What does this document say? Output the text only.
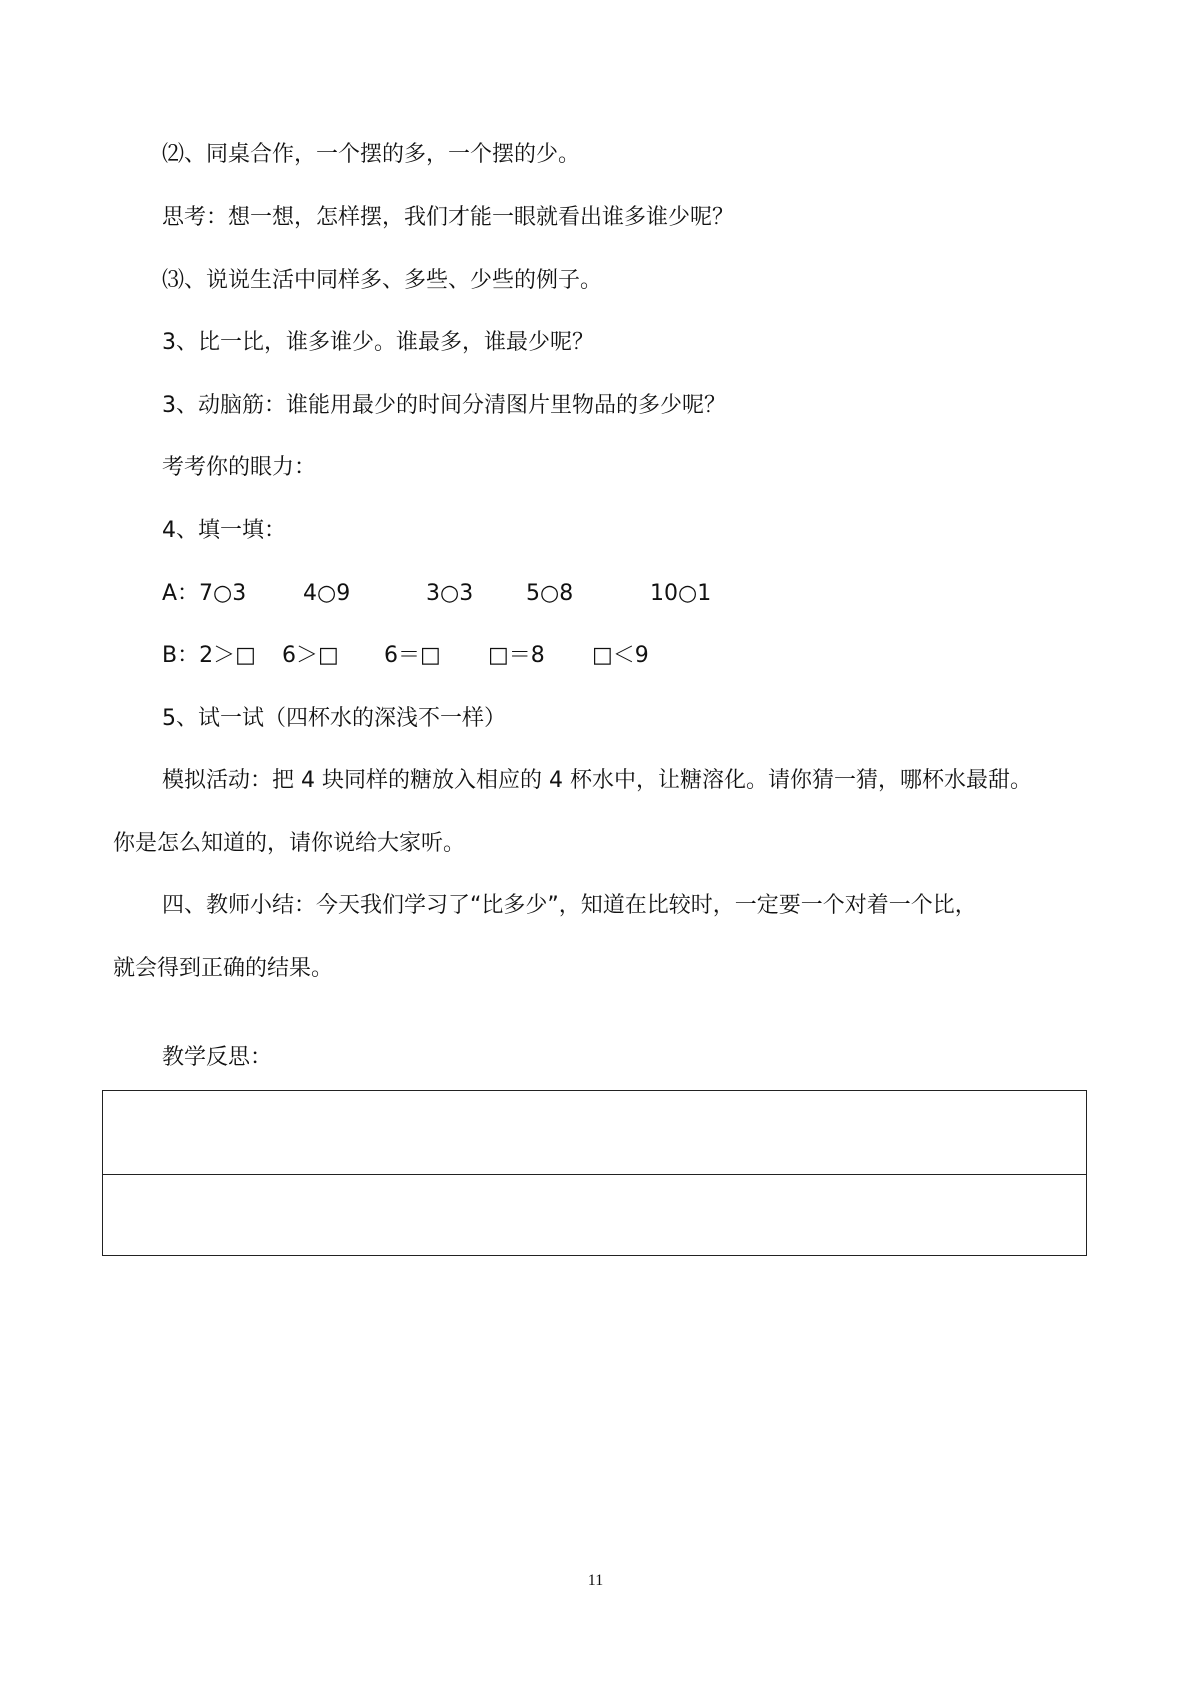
⑵、同桌合作，一个摆的多，一个摆的少。
思考：想一想，怎样摆，我们才能一眼就看出谁多谁少呢？
⑶、说说生活中同样多、多些、少些的例子。
3、比一比，谁多谁少。谁最多，谁最少呢？
3、动脑筋：谁能用最少的时间分清图片里物品的多少呢？
考考你的眼力：
4、填一填：
A：7○3	4○9	3○3 5○8	10○1
B：2＞□ 6＞□ 6＝□ □＝8 □＜9
5、试一试（四杯水的深浅不一样）
模拟活动：把 4 块同样的糖放入相应的 4 杯水中，让糖溶化。请你猜一猜，哪杯水最甜。
你是怎么知道的，请你说给大家听。
四、教师小结：今天我们学习了“比多少”，知道在比较时，一定要一个对着一个比，
就会得到正确的结果。
教学反思：
11
